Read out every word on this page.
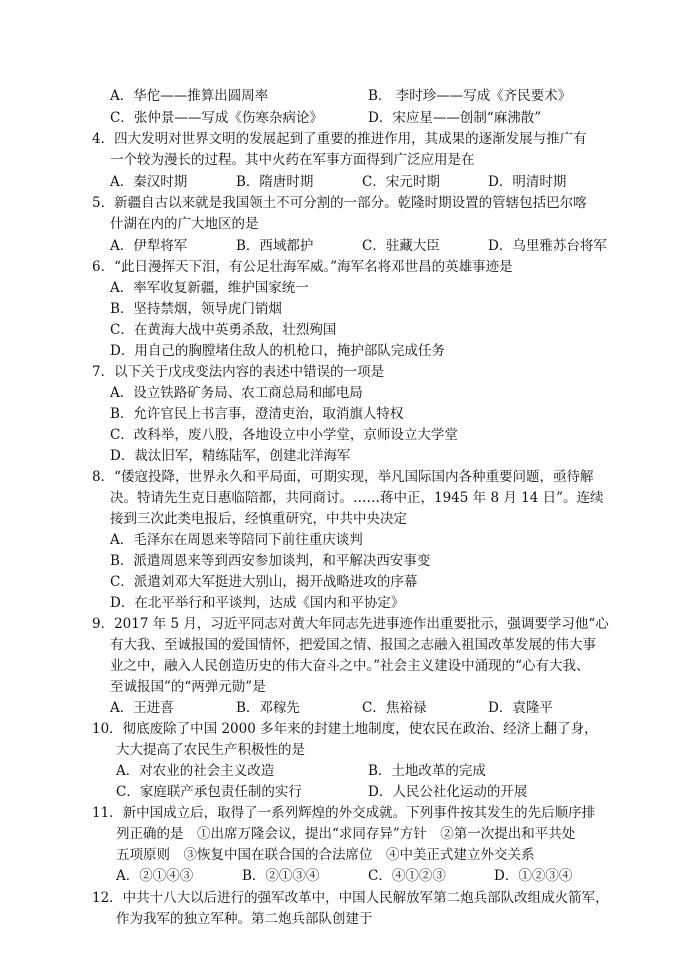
A．华佗——推算出圆周率	B． 李时珍——写成《齐民要术》
C．张仲景——写成《伤寒杂病论》	D．宋应星——创制“麻沸散”
4．四大发明对世界文明的发展起到了重要的推进作用，其成果的逐渐发展与推广有
一个较为漫长的过程。其中火药在军事方面得到广泛应用是在
A．秦汉时期	B．隋唐时期	C．宋元时期	D．明清时期
5．新疆自古以来就是我国领土不可分割的一部分。乾隆时期设置的管辖包括巴尔喀
什湖在内的广大地区的是
A．伊犁将军	B．西域都护	C．驻藏大臣	D．乌里雅苏台将军
6．“此日漫挥天下泪，有公足壮海军威。”海军名将邓世昌的英雄事迹是
A．率军收复新疆，维护国家统一
B．坚持禁烟，领导虎门销烟
C．在黄海大战中英勇杀敌，壮烈殉国
D．用自己的胸膛堵住敌人的机枪口，掩护部队完成任务
7．以下关于戊戌变法内容的表述中错误的一项是
A．设立铁路矿务局、农工商总局和邮电局
B．允许官民上书言事，澄清吏治，取消旗人特权
C．改科举，废八股，各地设立中小学堂，京师设立大学堂
D．裁汰旧军，精练陆军，创建北洋海军
8．“倭寇投降，世界永久和平局面，可期实现，举凡国际国内各种重要问题，亟待解
决。特请先生克日惠临陪都，共同商讨。……蒋中正，1945 年 8 月 14 日”。连续
接到三次此类电报后，经慎重研究，中共中央决定
A．毛泽东在周恩来等陪同下前往重庆谈判
B．派遣周恩来等到西安参加谈判，和平解决西安事变
C．派遣刘邓大军挺进大别山，揭开战略进攻的序幕
D．在北平举行和平谈判，达成《国内和平协定》
9．2017 年 5 月，习近平同志对黄大年同志先进事迹作出重要批示，强调要学习他“心
有大我、至诚报国的爱国情怀，把爱国之情、报国之志融入祖国改革发展的伟大事
业之中，融入人民创造历史的伟大奋斗之中。”社会主义建设中涌现的“心有大我、
至诚报国”的“两弹元勋”是
A．王进喜	B．邓稼先	C．焦裕禄	D．袁隆平
10．彻底废除了中国 2000 多年来的封建土地制度，使农民在政治、经济上翻了身，
大大提高了农民生产积极性的是
A．对农业的社会主义改造	B．土地改革的完成
C．家庭联产承包责任制的实行	D．人民公社化运动的开展
11．新中国成立后，取得了一系列辉煌的外交成就。下列事件按其发生的先后顺序排
列正确的是　①出席万隆会议，提出“求同存异”方针　②第一次提出和平共处
五项原则　③恢复中国在联合国的合法席位　④中美正式建立外交关系
A．②①④③	B．②①③④	C．④①②③	D．①②③④
12．中共十八大以后进行的强军改革中，中国人民解放军第二炮兵部队改组成火箭军，
作为我军的独立军种。第二炮兵部队创建于
